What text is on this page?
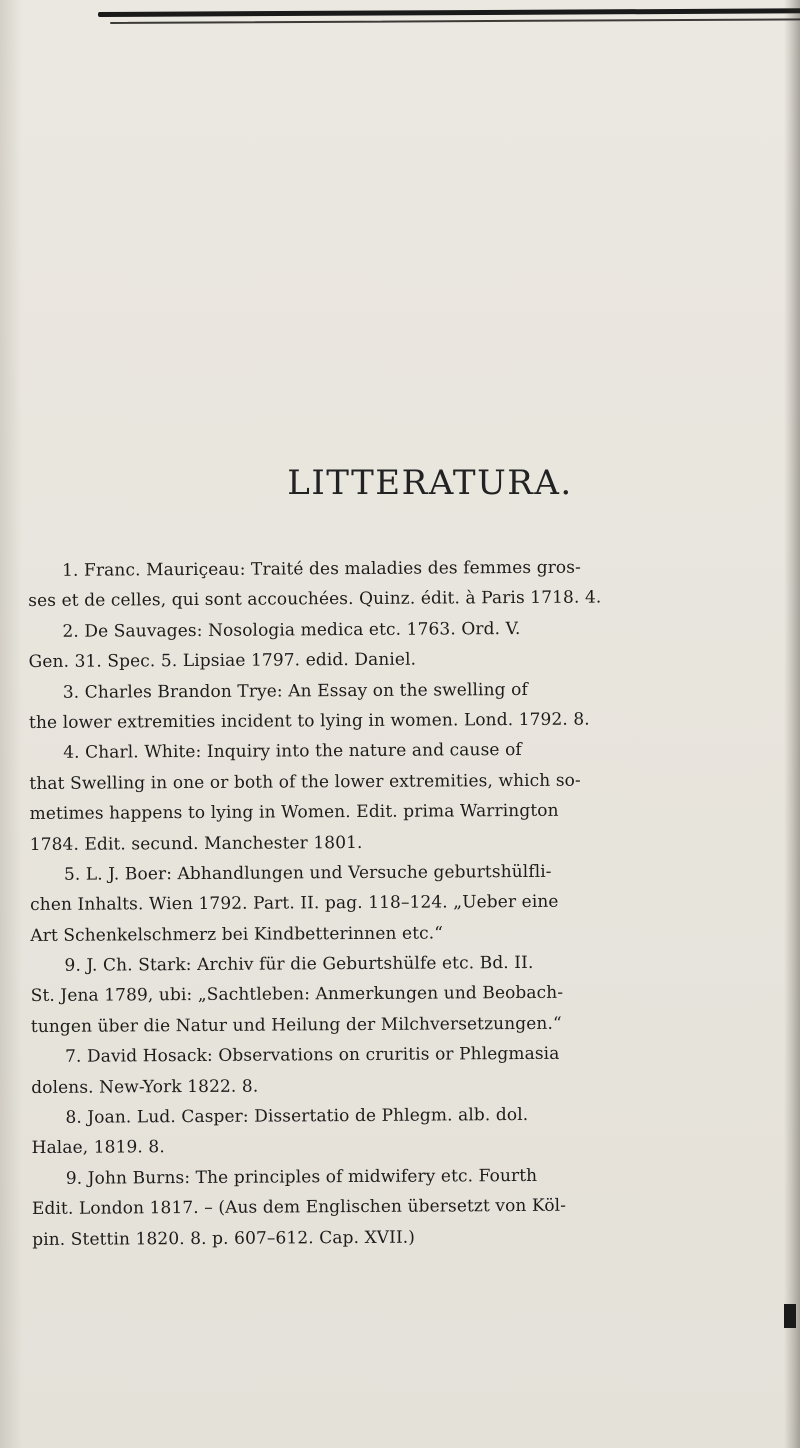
LITTERATURA.
1. Franc. Mauriçeau: Traité des maladies des femmes gros-
ses et de celles, qui sont accouchées. Quinz. édit. à Paris 1718. 4.
2. De Sauvages: Nosologia medica etc. 1763. Ord. V.
Gen. 31. Spec. 5. Lipsiae 1797. edid. Daniel.
3. Charles Brandon Trye: An Essay on the swelling of
the lower extremities incident to lying in women. Lond. 1792. 8.
4. Charl. White: Inquiry into the nature and cause of
that Swelling in one or both of the lower extremities, which so-
metimes happens to lying in Women. Edit. prima Warrington
1784. Edit. secund. Manchester 1801.
5. L. J. Boer: Abhandlungen und Versuche geburtshülfli-
chen Inhalts. Wien 1792. Part. II. pag. 118–124. „Ueber eine
Art Schenkelschmerz bei Kindbetterinnen etc.“
9. J. Ch. Stark: Archiv für die Geburtshülfe etc. Bd. II.
St. Jena 1789, ubi: „Sachtleben: Anmerkungen und Beobach-
tungen über die Natur und Heilung der Milchversetzungen.“
7. David Hosack: Observations on cruritis or Phlegmasia
dolens. New-York 1822. 8.
8. Joan. Lud. Casper: Dissertatio de Phlegm. alb. dol.
Halae, 1819. 8.
9. John Burns: The principles of midwifery etc. Fourth
Edit. London 1817. – (Aus dem Englischen übersetzt von Köl-
pin. Stettin 1820. 8. p. 607–612. Cap. XVII.)
